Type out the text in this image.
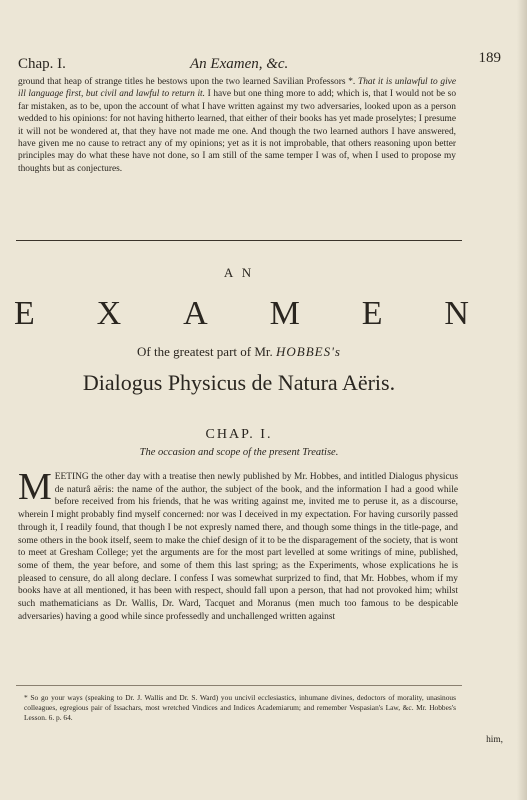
Chap. I.	An Examen, &c.	189

ground that heap of strange titles he bestows upon the two learned Savilian Professors *. That it is unlawful to give ill language first, but civil and lawful to return it. I have but one thing more to add; which is, that I would not be so far mistaken, as to be, upon the account of what I have written against my two adversaries, looked upon as a person wedded to his opinions: for not having hitherto learned, that either of their books has yet made proselytes; I presume it will not be wondered at, that they have not made me one. And though the two learned authors I have answered, have given me no cause to retract any of my opinions; yet as it is not improbable, that others reasoning upon better principles may do what these have not done, so I am still of the same temper I was of, when I used to propose my thoughts but as conjectures.

A N
E X A M E N
Of the greatest part of Mr. HOBBES's
Dialogus Physicus de Natura Aëris.
CHAP. I.
The occasion and scope of the present Treatise.

MEETING the other day with a treatise then newly published by Mr. Hobbes, and intitled Dialogus physicus de naturâ aëris: the name of the author, the subject of the book, and the information I had a good while before received from his friends, that he was writing against me, invited me to peruse it, as a discourse, wherein I might probably find myself concerned: nor was I deceived in my expectation. For having cursorily passed through it, I readily found, that though I be not expresly named there, and though some things in the title-page, and some others in the book itself, seem to make the chief design of it to be the disparagement of the society, that is wont to meet at Gresham College; yet the arguments are for the most part levelled at some writings of mine, published, some of them, the year before, and some of them this last spring; as the Experiments, whose explications he is pleased to censure, do all along declare. I confess I was somewhat surprized to find, that Mr. Hobbes, whom if my books have at all mentioned, it has been with respect, should fall upon a person, that had not provoked him; whilst such mathematicians as Dr. Wallis, Dr. Ward, Tacquet and Moranus (men much too famous to be despicable adversaries) having a good while since professedly and unchallenged written against

* So go your ways (speaking to Dr. J. Wallis and Dr. S. Ward) you uncivil ecclesiastics, inhumane divines, dedoctors of morality, unasinous colleagues, egregious pair of Issachars, most wretched Vindices and Indices Academiarum; and remember Vespasian's Law, &c. Mr. Hobbes's Lesson. 6. p. 64.

him,
